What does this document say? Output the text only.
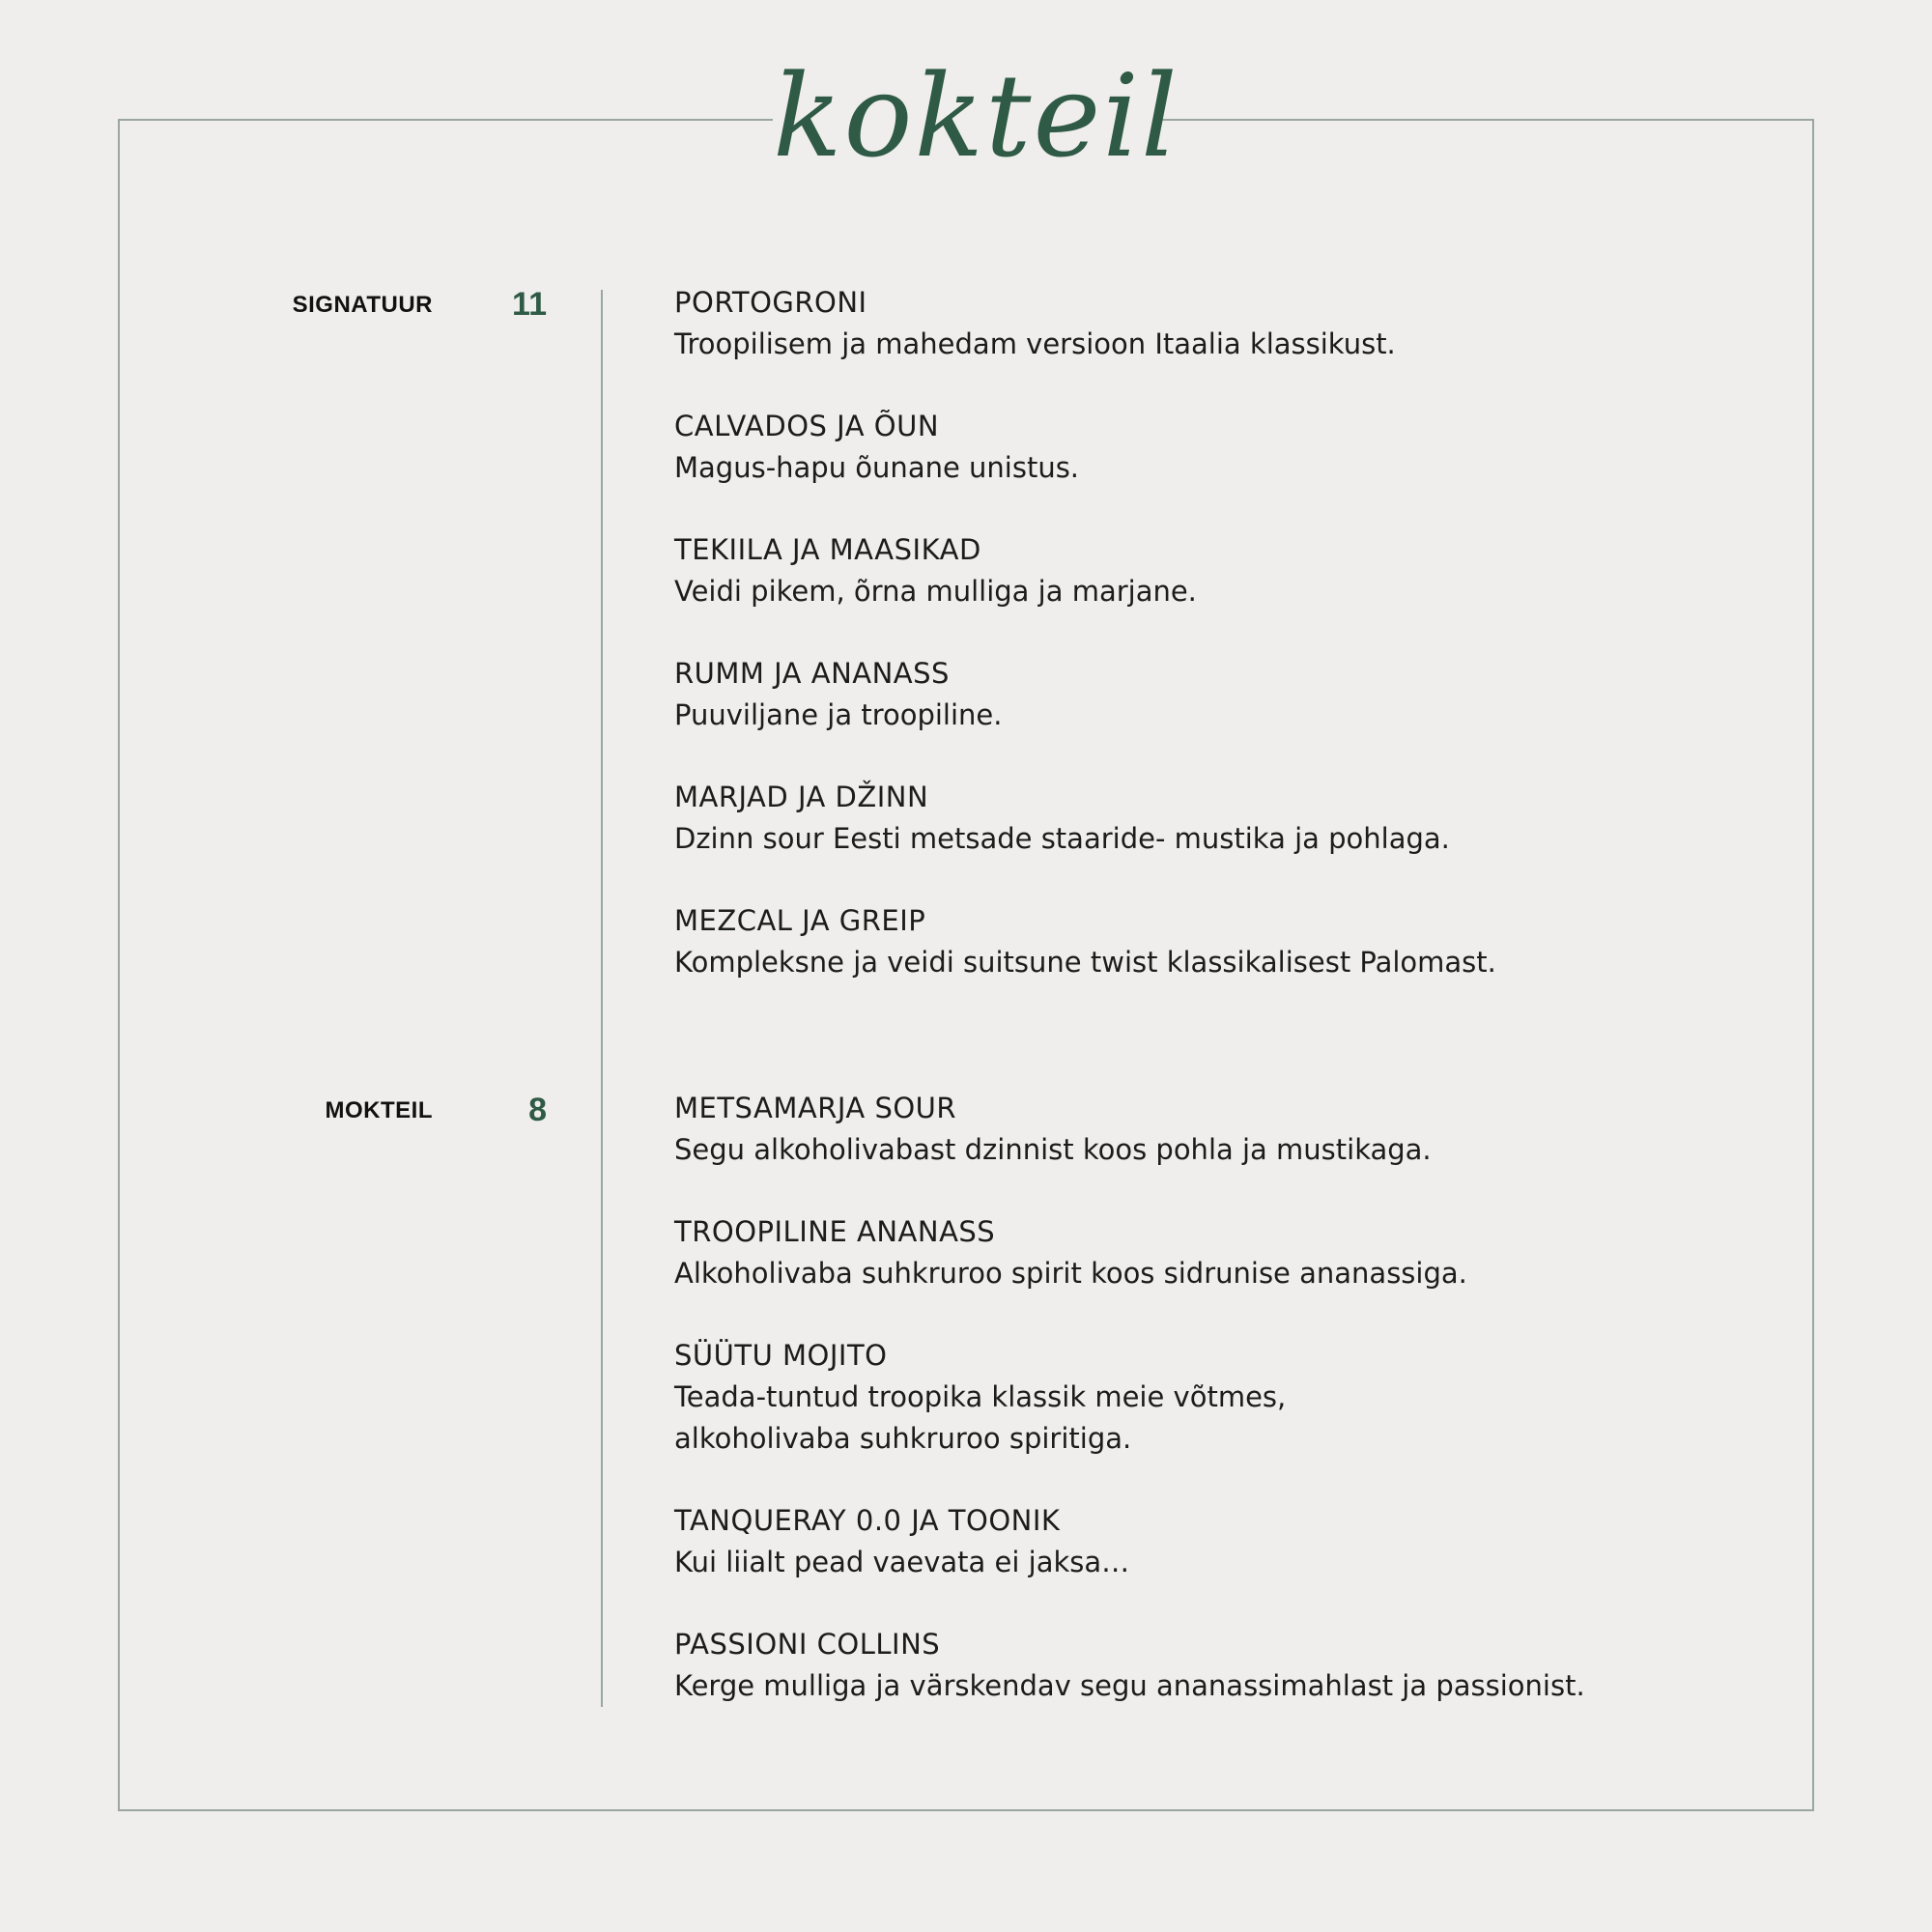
kokteil
SIGNATUUR 11	PORTOGRONI
Troopilisem ja mahedam versioon Itaalia klassikust.
CALVADOS JA ÕUN
Magus-hapu õunane unistus.
TEKIILA JA MAASIKAD
Veidi pikem, õrna mulliga ja marjane.
RUMM JA ANANASS
Puuviljane ja troopiline.
MARJAD JA DŽINN
Dzinn sour Eesti metsade staaride- mustika ja pohlaga.
MEZCAL JA GREIP
Kompleksne ja veidi suitsune twist klassikalisest Palomast.
MOKTEIL	8	METSAMARJA SOUR
Segu alkoholivabast dzinnist koos pohla ja mustikaga.
TROOPILINE ANANASS
Alkoholivaba suhkruroo spirit koos sidrunise ananassiga.
SÜÜTU MOJITO
Teada-tuntud troopika klassik meie võtmes,
alkoholivaba suhkruroo spiritiga.
TANQUERAY 0.0 JA TOONIK
Kui liialt pead vaevata ei jaksa…
PASSIONI COLLINS
Kerge mulliga ja värskendav segu ananassimahlast ja passionist.
